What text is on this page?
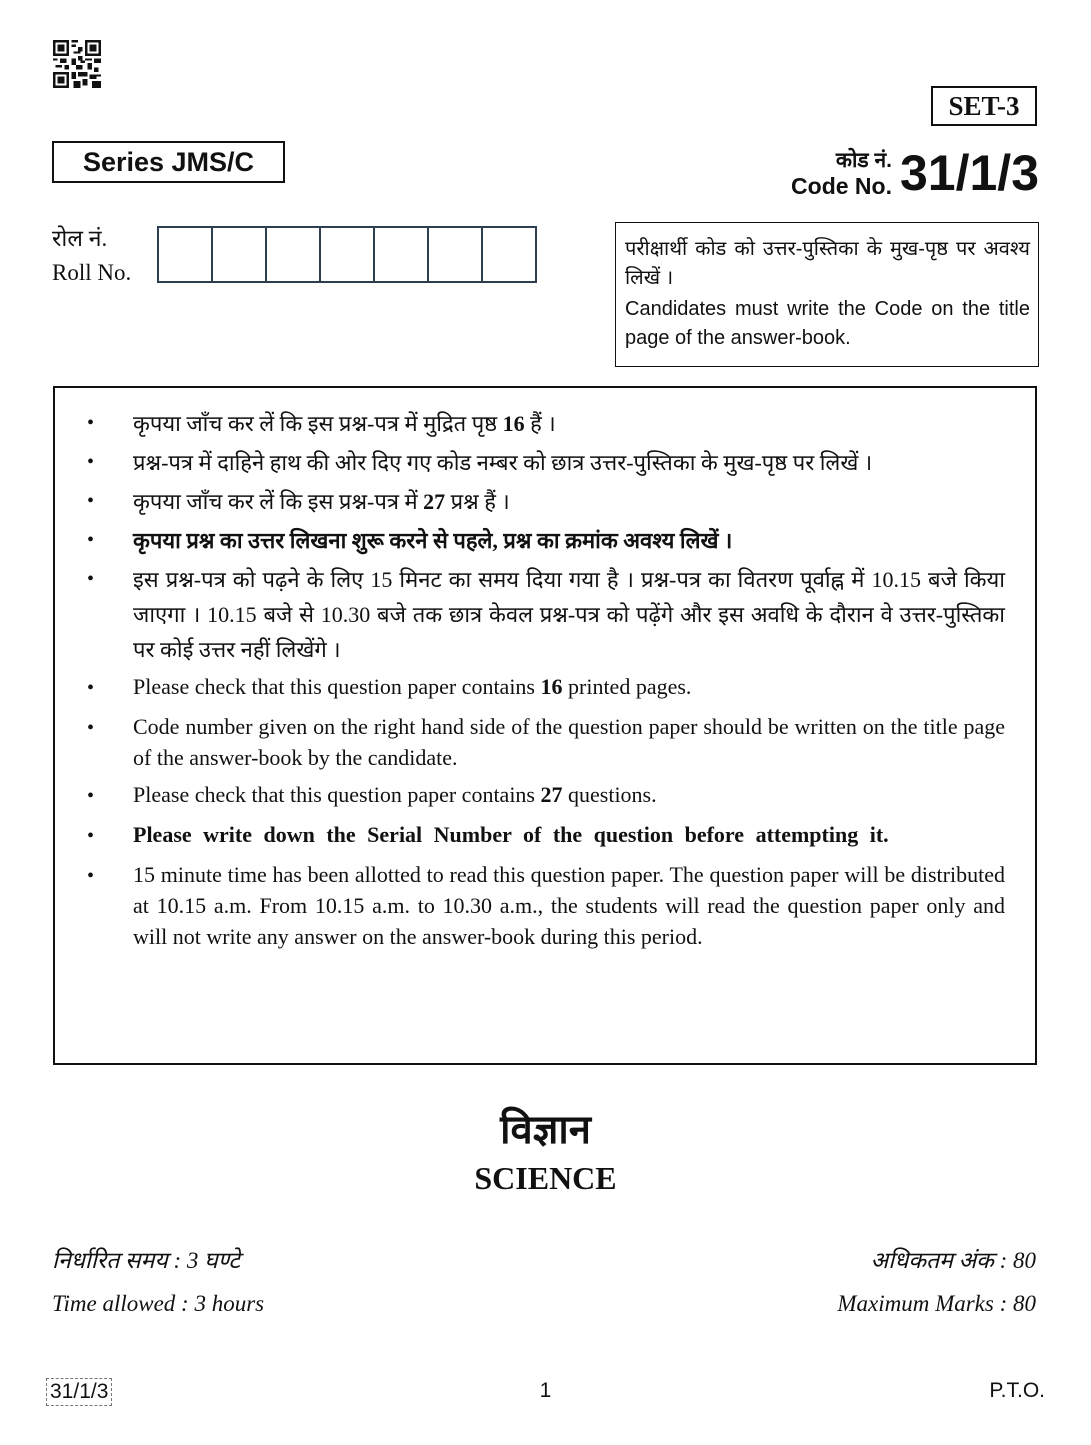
SET-3
Series JMS/C	कोड नं.
Code No. 31/1/3
रोल नं.
Roll No.
परीक्षार्थी कोड को उत्तर-पुस्तिका के मुख-पृष्ठ पर अवश्य लिखें ।
Candidates must write the Code on the title page of the answer-book.
•	कृपया जाँच कर लें कि इस प्रश्न-पत्र में मुद्रित पृष्ठ 16 हैं ।
•	प्रश्न-पत्र में दाहिने हाथ की ओर दिए गए कोड नम्बर को छात्र उत्तर-पुस्तिका के मुख-पृष्ठ पर लिखें ।
•	कृपया जाँच कर लें कि इस प्रश्न-पत्र में 27 प्रश्न हैं ।
•	कृपया प्रश्न का उत्तर लिखना शुरू करने से पहले, प्रश्न का क्रमांक अवश्य लिखें ।
•	इस प्रश्न-पत्र को पढ़ने के लिए 15 मिनट का समय दिया गया है । प्रश्न-पत्र का वितरण पूर्वाह्न में 10.15 बजे किया जाएगा । 10.15 बजे से 10.30 बजे तक छात्र केवल प्रश्न-पत्र को पढ़ेंगे और इस अवधि के दौरान वे उत्तर-पुस्तिका पर कोई उत्तर नहीं लिखेंगे ।
•	Please check that this question paper contains 16 printed pages.
•	Code number given on the right hand side of the question paper should be written on the title page of the answer-book by the candidate.
•	Please check that this question paper contains 27 questions.
•	Please write down the Serial Number of the question before attempting it.
•	15 minute time has been allotted to read this question paper. The question paper will be distributed at 10.15 a.m. From 10.15 a.m. to 10.30 a.m., the students will read the question paper only and will not write any answer on the answer-book during this period.
विज्ञान
SCIENCE
निर्धारित समय : 3 घण्टे
Time allowed : 3 hours
अधिकतम अंक : 80
Maximum Marks : 80
31/1/3	1	P.T.O.
